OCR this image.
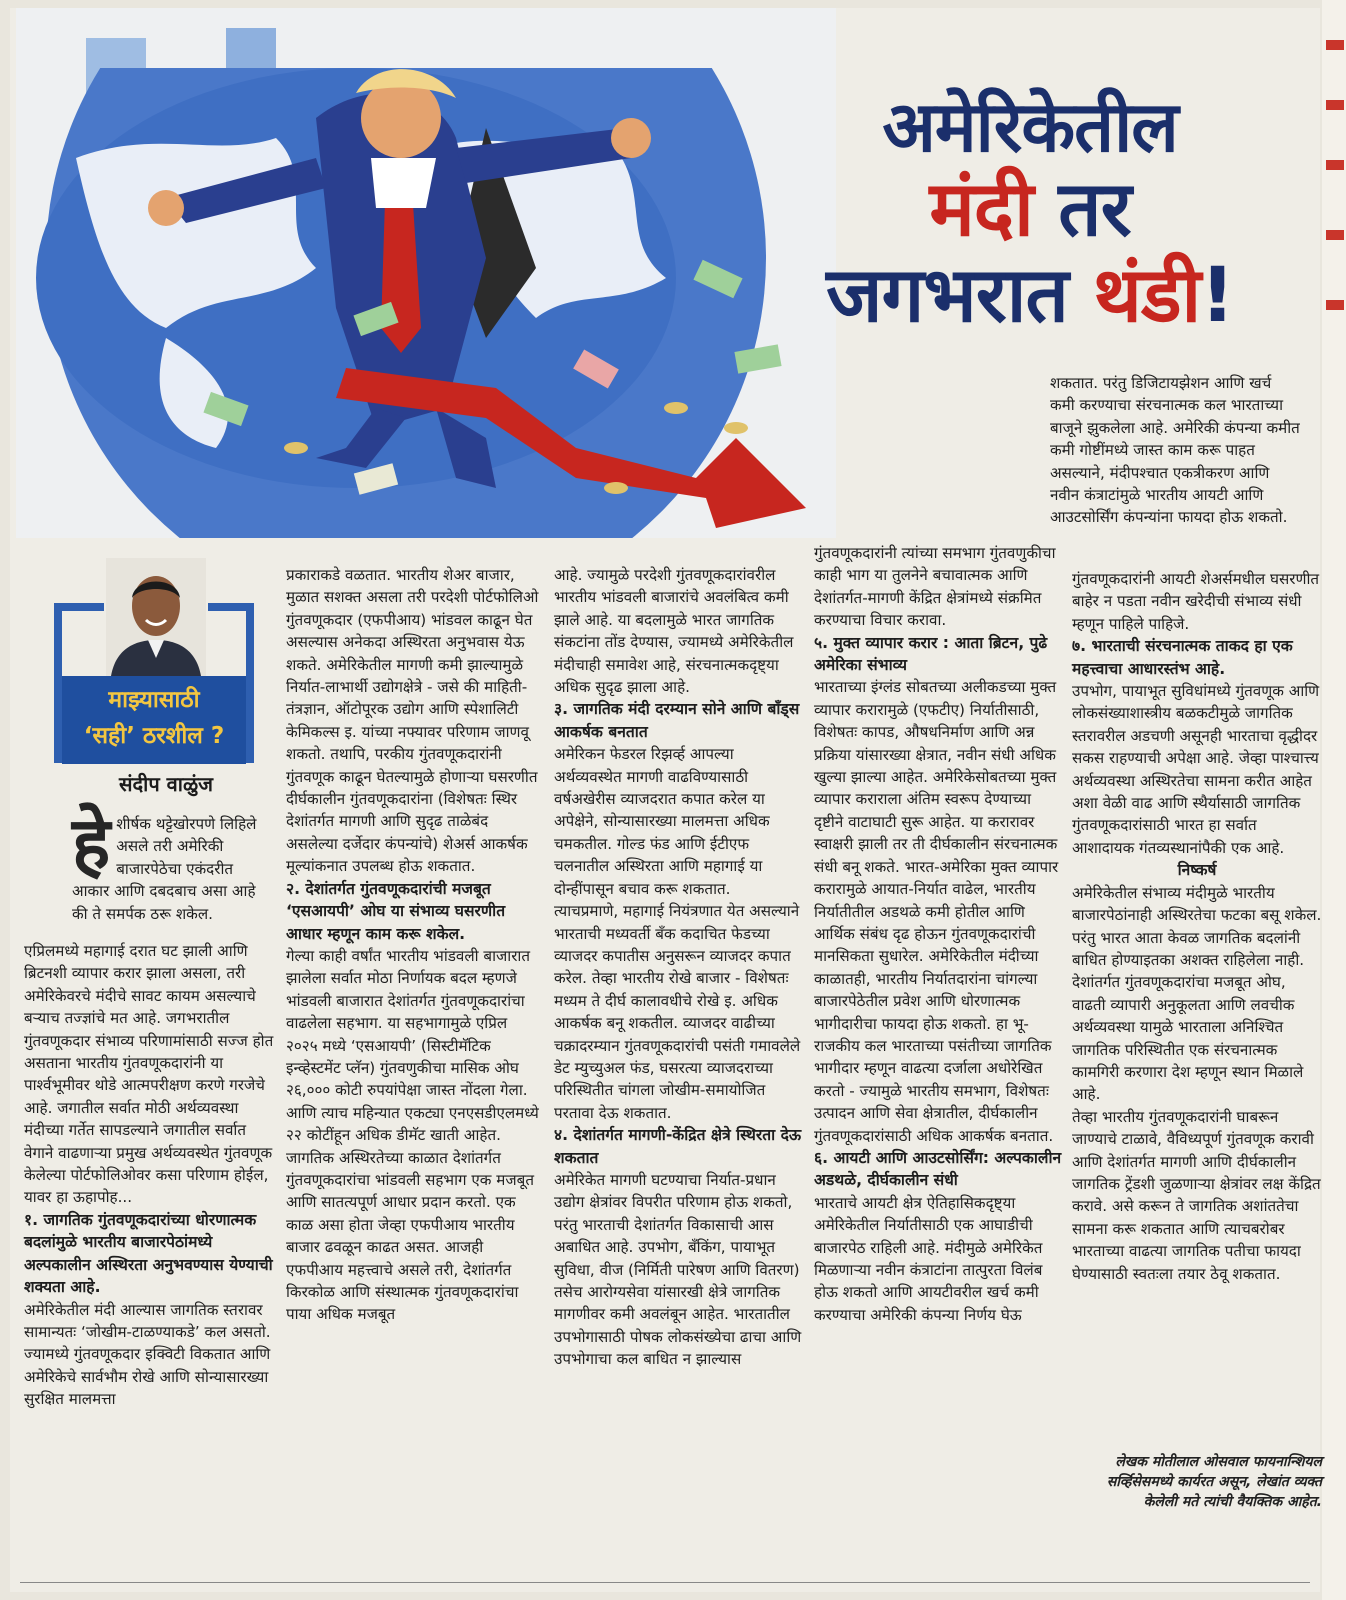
अमेरिकेतील
मंदी तर
जगभरात थंडी!
माझ्यासाठी
‘सही’ ठरशील ?
संदीप वाळुंज
हे शीर्षक थट्टेखोरपणे लिहिले असले तरी अमेरिकी बाजारपेठेचा एकंदरीत आकार आणि दबदबाच असा आहे की ते समर्पक ठरू शकेल.

एप्रिलमध्ये महागाई दरात घट झाली आणि ब्रिटनशी व्यापार करार झाला असला, तरी अमेरिकेवरचे मंदीचे सावट कायम असल्याचे बऱ्याच तज्ज्ञांचे मत आहे. जगभरातील गुंतवणूकदार संभाव्य परिणामांसाठी सज्ज होत असताना भारतीय गुंतवणूकदारांनी या पार्श्वभूमीवर थोडे आत्मपरीक्षण करणे गरजेचे आहे. जगातील सर्वात मोठी अर्थव्यवस्था मंदीच्या गर्तेत सापडल्याने जगातील सर्वात वेगाने वाढणाऱ्या प्रमुख अर्थव्यवस्थेत गुंतवणूक केलेल्या पोर्टफोलिओवर कसा परिणाम होईल, यावर हा ऊहापोह...

१. जागतिक गुंतवणूकदारांच्या धोरणात्मक बदलांमुळे भारतीय बाजारपेठांमध्ये अल्पकालीन अस्थिरता अनुभवण्यास येण्याची शक्यता आहे.

अमेरिकेतील मंदी आल्यास जागतिक स्तरावर सामान्यतः ‘जोखीम-टाळण्याकडे’ कल असतो. ज्यामध्ये गुंतवणूकदार इक्विटी विकतात आणि अमेरिकेचे सार्वभौम रोखे आणि सोन्यासारख्या सुरक्षित मालमत्ता

प्रकाराकडे वळतात. भारतीय शेअर बाजार, मुळात सशक्त असला तरी परदेशी पोर्टफोलिओ गुंतवणूकदार (एफपीआय) भांडवल काढून घेत असल्यास अनेकदा अस्थिरता अनुभवास येऊ शकते. अमेरिकेतील मागणी कमी झाल्यामुळे निर्यात-लाभार्थी उद्योगक्षेत्रे - जसे की माहिती-तंत्रज्ञान, ऑटोपूरक उद्योग आणि स्पेशालिटी केमिकल्स इ. यांच्या नफ्यावर परिणाम जाणवू शकतो. तथापि, परकीय गुंतवणूकदारांनी गुंतवणूक काढून घेतल्यामुळे होणाऱ्या घसरणीत दीर्घकालीन गुंतवणूकदारांना (विशेषतः स्थिर देशांतर्गत मागणी आणि सुदृढ ताळेबंद असलेल्या दर्जेदार कंपन्यांचे) शेअर्स आकर्षक मूल्यांकनात उपलब्ध होऊ शकतात.

२. देशांतर्गत गुंतवणूकदारांची मजबूत ‘एसआयपी’ ओघ या संभाव्य घसरणीत आधार म्हणून काम करू शकेल.

गेल्या काही वर्षांत भारतीय भांडवली बाजारात झालेला सर्वात मोठा निर्णायक बदल म्हणजे भांडवली बाजारात देशांतर्गत गुंतवणूकदारांचा वाढलेला सहभाग. या सहभागामुळे एप्रिल २०२५ मध्ये ‘एसआयपी’ (सिस्टीमॅटिक इन्व्हेस्टमेंट प्लॅन) गुंतवणुकीचा मासिक ओघ २६,००० कोटी रुपयांपेक्षा जास्त नोंदला गेला. आणि त्याच महिन्यात एकट्या एनएसडीएलमध्ये २२ कोटींहून अधिक डीमॅट खाती आहेत. जागतिक अस्थिरतेच्या काळात देशांतर्गत गुंतवणूकदारांचा भांडवली सहभाग एक मजबूत आणि सातत्यपूर्ण आधार प्रदान करतो. एक काळ असा होता जेव्हा एफपीआय भारतीय बाजार ढवळून काढत असत. आजही एफपीआय महत्त्वाचे असले तरी, देशांतर्गत किरकोळ आणि संस्थात्मक गुंतवणूकदारांचा पाया अधिक मजबूत

आहे. ज्यामुळे परदेशी गुंतवणूकदारांवरील भारतीय भांडवली बाजारांचे अवलंबित्व कमी झाले आहे. या बदलामुळे भारत जागतिक संकटांना तोंड देण्यास, ज्यामध्ये अमेरिकेतील मंदीचाही समावेश आहे, संरचनात्मकदृष्ट्या अधिक सुदृढ झाला आहे.

३. जागतिक मंदी दरम्यान सोने आणि बॉंड्स आकर्षक बनतात

अमेरिकन फेडरल रिझर्व्ह आपल्या अर्थव्यवस्थेत मागणी वाढविण्यासाठी वर्षअखेरीस व्याजदरात कपात करेल या अपेक्षेने, सोन्यासारख्या मालमत्ता अधिक चमकतील. गोल्ड फंड आणि ईटीएफ चलनातील अस्थिरता आणि महागाई या दोन्हींपासून बचाव करू शकतात.

त्याचप्रमाणे, महागाई नियंत्रणात येत असल्याने भारताची मध्यवर्ती बँक कदाचित फेडच्या व्याजदर कपातीस अनुसरून व्याजदर कपात करेल. तेव्हा भारतीय रोखे बाजार - विशेषतः मध्यम ते दीर्घ कालावधीचे रोखे इ. अधिक आकर्षक बनू शकतील. व्याजदर वाढीच्या चक्रादरम्यान गुंतवणूकदारांची पसंती गमावलेले डेट म्युच्युअल फंड, घसरत्या व्याजदराच्या परिस्थितीत चांगला जोखीम-समायोजित परतावा देऊ शकतात.

४. देशांतर्गत मागणी-केंद्रित क्षेत्रे स्थिरता देऊ शकतात

अमेरिकेत मागणी घटण्याचा निर्यात-प्रधान उद्योग क्षेत्रांवर विपरीत परिणाम होऊ शकतो, परंतु भारताची देशांतर्गत विकासाची आस अबाधित आहे. उपभोग, बँकिंग, पायाभूत सुविधा, वीज (निर्मिती पारेषण आणि वितरण) तसेच आरोग्यसेवा यांसारखी क्षेत्रे जागतिक मागणीवर कमी अवलंबून आहेत. भारतातील उपभोगासाठी पोषक लोकसंख्येचा ढाचा आणि उपभोगाचा कल बाधित न झाल्यास

गुंतवणूकदारांनी त्यांच्या समभाग गुंतवणुकीचा काही भाग या तुलनेने बचावात्मक आणि देशांतर्गत-मागणी केंद्रित क्षेत्रांमध्ये संक्रमित करण्याचा विचार करावा.

५. मुक्त व्यापार करार : आता ब्रिटन, पुढे अमेरिका संभाव्य

भारताच्या इंग्लंड सोबतच्या अलीकडच्या मुक्त व्यापार करारामुळे (एफटीए) निर्यातीसाठी, विशेषतः कापड, औषधनिर्माण आणि अन्न प्रक्रिया यांसारख्या क्षेत्रात, नवीन संधी अधिक खुल्या झाल्या आहेत. अमेरिकेसोबतच्या मुक्त व्यापार कराराला अंतिम स्वरूप देण्याच्या दृष्टीने वाटाघाटी सुरू आहेत. या करारावर स्वाक्षरी झाली तर ती दीर्घकालीन संरचनात्मक संधी बनू शकते. भारत-अमेरिका मुक्त व्यापार करारामुळे आयात-निर्यात वाढेल, भारतीय निर्यातीतील अडथळे कमी होतील आणि आर्थिक संबंध दृढ होऊन गुंतवणूकदारांची मानसिकता सुधारेल. अमेरिकेतील मंदीच्या काळातही, भारतीय निर्यातदारांना चांगल्या बाजारपेठेतील प्रवेश आणि धोरणात्मक भागीदारीचा फायदा होऊ शकतो. हा भू-राजकीय कल भारताच्या पसंतीच्या जागतिक भागीदार म्हणून वाढत्या दर्जाला अधोरेखित करतो - ज्यामुळे भारतीय समभाग, विशेषतः उत्पादन आणि सेवा क्षेत्रातील, दीर्घकालीन गुंतवणूकदारांसाठी अधिक आकर्षक बनतात.

६. आयटी आणि आउटसोर्सिंग: अल्पकालीन अडथळे, दीर्घकालीन संधी

भारताचे आयटी क्षेत्र ऐतिहासिकदृष्ट्या अमेरिकेतील निर्यातीसाठी एक आघाडीची बाजारपेठ राहिली आहे. मंदीमुळे अमेरिकेत मिळणाऱ्या नवीन कंत्राटांना तात्पुरता विलंब होऊ शकतो आणि आयटीवरील खर्च कमी करण्याचा अमेरिकी कंपन्या निर्णय घेऊ

शकतात. परंतु डिजिटायझेशन आणि खर्च कमी करण्याचा संरचनात्मक कल भारताच्या बाजूने झुकलेला आहे. अमेरिकी कंपन्या कमीत कमी गोष्टींमध्ये जास्त काम करू पाहत असल्याने, मंदीपश्चात एकत्रीकरण आणि नवीन कंत्राटांमुळे भारतीय आयटी आणि आउटसोर्सिंग कंपन्यांना फायदा होऊ शकतो.

गुंतवणूकदारांनी आयटी शेअर्समधील घसरणीत बाहेर न पडता नवीन खरेदीची संभाव्य संधी म्हणून पाहिले पाहिजे.

७. भारताची संरचनात्मक ताकद हा एक महत्त्वाचा आधारस्तंभ आहे.

उपभोग, पायाभूत सुविधांमध्ये गुंतवणूक आणि लोकसंख्याशास्त्रीय बळकटीमुळे जागतिक स्तरावरील अडचणी असूनही भारताचा वृद्धीदर सकस राहण्याची अपेक्षा आहे. जेव्हा पाश्चात्त्य अर्थव्यवस्था अस्थिरतेचा सामना करीत आहेत अशा वेळी वाढ आणि स्थैर्यासाठी जागतिक गुंतवणूकदारांसाठी भारत हा सर्वात आशादायक गंतव्यस्थानांपैकी एक आहे.

निष्कर्ष

अमेरिकेतील संभाव्य मंदीमुळे भारतीय बाजारपेठांनाही अस्थिरतेचा फटका बसू शकेल. परंतु भारत आता केवळ जागतिक बदलांनी बाधित होण्याइतका अशक्त राहिलेला नाही. देशांतर्गत गुंतवणूकदारांचा मजबूत ओघ, वाढती व्यापारी अनुकूलता आणि लवचीक अर्थव्यवस्था यामुळे भारताला अनिश्चित जागतिक परिस्थितीत एक संरचनात्मक कामगिरी करणारा देश म्हणून स्थान मिळाले आहे.

तेव्हा भारतीय गुंतवणूकदारांनी घाबरून जाण्याचे टाळावे, वैविध्यपूर्ण गुंतवणूक करावी आणि देशांतर्गत मागणी आणि दीर्घकालीन जागतिक ट्रेंडशी जुळणाऱ्या क्षेत्रांवर लक्ष केंद्रित करावे. असे करून ते जागतिक अशांततेचा सामना करू शकतात आणि त्याचबरोबर भारताच्या वाढत्या जागतिक पतीचा फायदा घेण्यासाठी स्वतःला तयार ठेवू शकतात.

लेखक मोतीलाल ओसवाल फायनान्शियल सर्व्हिसेसमध्ये कार्यरत असून, लेखांत व्यक्त केलेली मते त्यांची वैयक्तिक आहेत.
